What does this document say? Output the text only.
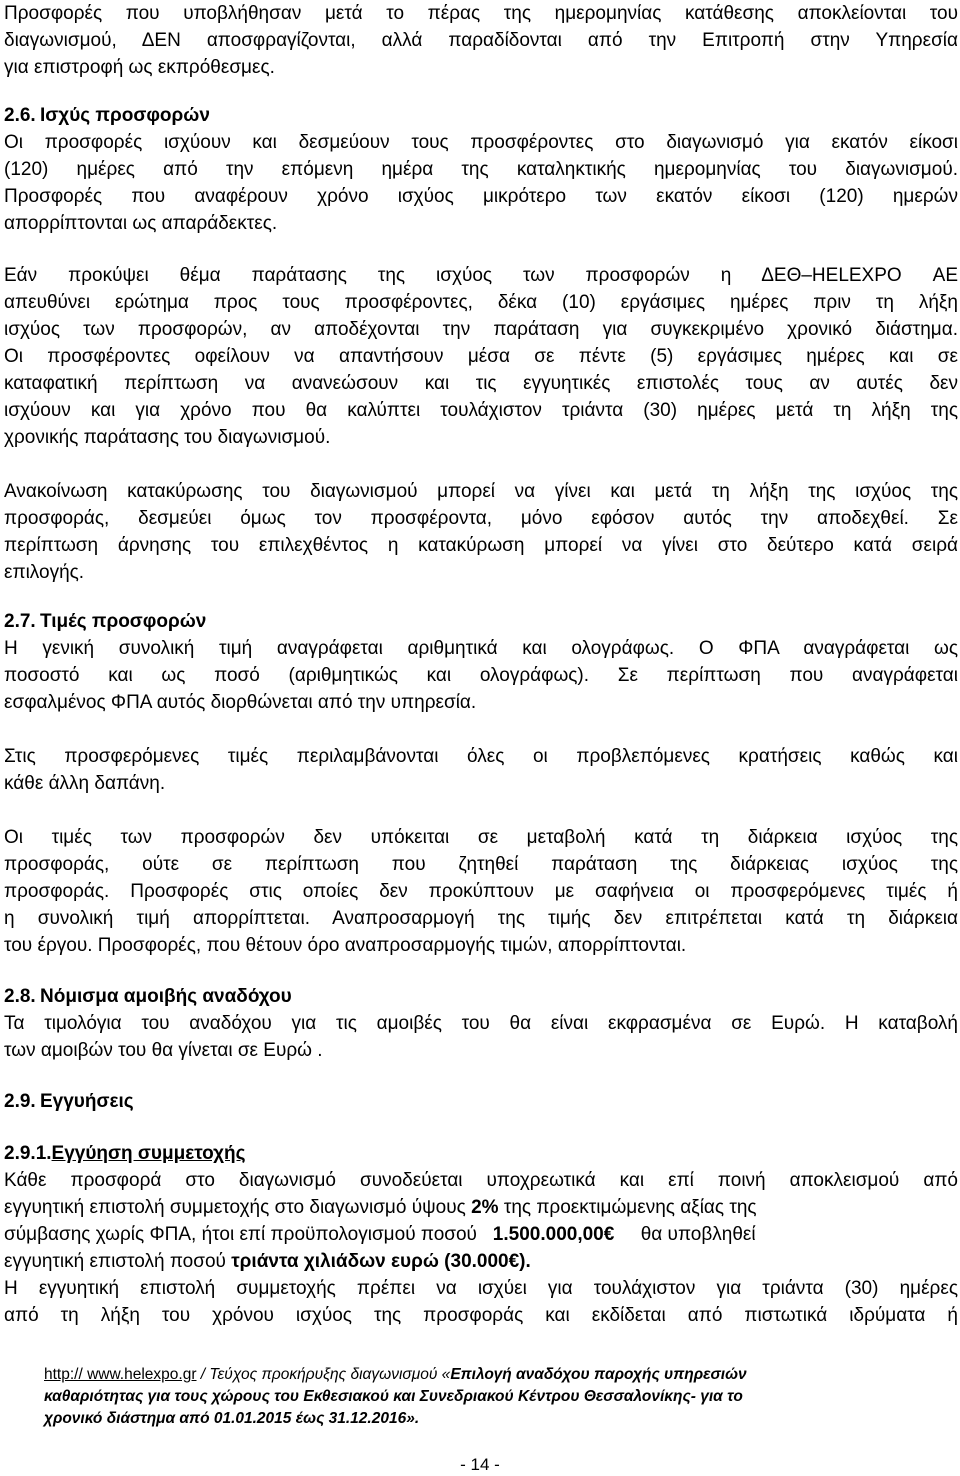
Προσφορές που υποβλήθησαν μετά το πέρας της ημερομηνίας κατάθεσης αποκλείονται του
διαγωνισμού, ΔΕΝ αποσφραγίζονται, αλλά παραδίδονται από την Επιτροπή στην Υπηρεσία
για επιστροφή ως εκπρόθεσμες.
2.6. Ισχύς προσφορών
Οι προσφορές ισχύουν και δεσμεύουν τους προσφέροντες στο διαγωνισμό για εκατόν είκοσι
(120) ημέρες από την επόμενη ημέρα της καταληκτικής ημερομηνίας του διαγωνισμού.
Προσφορές που αναφέρουν χρόνο ισχύος μικρότερο των εκατόν είκοσι (120) ημερών
απορρίπτονται ως απαράδεκτες.
Εάν προκύψει θέμα παράτασης της ισχύος των προσφορών η ΔΕΘ–HELEXPO ΑΕ
απευθύνει ερώτημα προς τους προσφέροντες, δέκα (10) εργάσιμες ημέρες πριν τη λήξη
ισχύος των προσφορών, αν αποδέχονται την παράταση για συγκεκριμένο χρονικό διάστημα.
Οι προσφέροντες οφείλουν να απαντήσουν μέσα σε πέντε (5) εργάσιμες ημέρες και σε
καταφατική περίπτωση να ανανεώσουν και τις εγγυητικές επιστολές τους αν αυτές δεν
ισχύουν και για χρόνο που θα καλύπτει τουλάχιστον τριάντα (30) ημέρες μετά τη λήξη της
χρονικής παράτασης του διαγωνισμού.
Ανακοίνωση κατακύρωσης του διαγωνισμού μπορεί να γίνει και μετά τη λήξη της ισχύος της
προσφοράς, δεσμεύει όμως τον προσφέροντα, μόνο εφόσον αυτός την αποδεχθεί. Σε
περίπτωση άρνησης του επιλεχθέντος η κατακύρωση μπορεί να γίνει στο δεύτερο κατά σειρά
επιλογής.
2.7. Τιμές προσφορών
Η γενική συνολική τιμή αναγράφεται αριθμητικά και ολογράφως. Ο ΦΠΑ αναγράφεται ως
ποσοστό και ως ποσό (αριθμητικώς και ολογράφως). Σε περίπτωση που αναγράφεται
εσφαλμένος ΦΠΑ αυτός διορθώνεται από την υπηρεσία.
Στις προσφερόμενες τιμές περιλαμβάνονται όλες οι προβλεπόμενες κρατήσεις καθώς και
κάθε άλλη δαπάνη.
Οι τιμές των προσφορών δεν υπόκειται σε μεταβολή κατά τη διάρκεια ισχύος της
προσφοράς, ούτε σε περίπτωση που ζητηθεί παράταση της διάρκειας ισχύος της
προσφοράς. Προσφορές στις οποίες δεν προκύπτουν με σαφήνεια οι προσφερόμενες τιμές ή
η συνολική τιμή απορρίπτεται. Αναπροσαρμογή της τιμής δεν επιτρέπεται κατά τη διάρκεια
του έργου. Προσφορές, που θέτουν όρο αναπροσαρμογής τιμών, απορρίπτονται.
2.8. Νόμισμα αμοιβής αναδόχου
Τα τιμολόγια του αναδόχου για τις αμοιβές του θα είναι εκφρασμένα σε Ευρώ. Η καταβολή
των αμοιβών του θα γίνεται σε Ευρώ .
2.9. Εγγυήσεις
2.9.1.Εγγύηση συμμετοχής
Κάθε προσφορά στο διαγωνισμό συνοδεύεται υποχρεωτικά και επί ποινή αποκλεισμού από
εγγυητική επιστολή συμμετοχής στο διαγωνισμό ύψους 2% της προεκτιμώμενης αξίας της
σύμβασης χωρίς ΦΠΑ, ήτοι επί προϋπολογισμού ποσού 1.500.000,00€ θα υποβληθεί
εγγυητική επιστολή ποσού τριάντα χιλιάδων ευρώ (30.000€).
Η εγγυητική επιστολή συμμετοχής πρέπει να ισχύει για τουλάχιστον για τριάντα (30) ημέρες
από τη λήξη του χρόνου ισχύος της προσφοράς και εκδίδεται από πιστωτικά ιδρύματα ή
http:// www.helexpo.gr / Τεύχος προκήρυξης διαγωνισμού «Επιλογή αναδόχου παροχής υπηρεσιών
καθαριότητας για τους χώρους του Εκθεσιακού και Συνεδριακού Κέντρου Θεσσαλονίκης- για το
χρονικό διάστημα από 01.01.2015 έως 31.12.2016».
- 14 -
